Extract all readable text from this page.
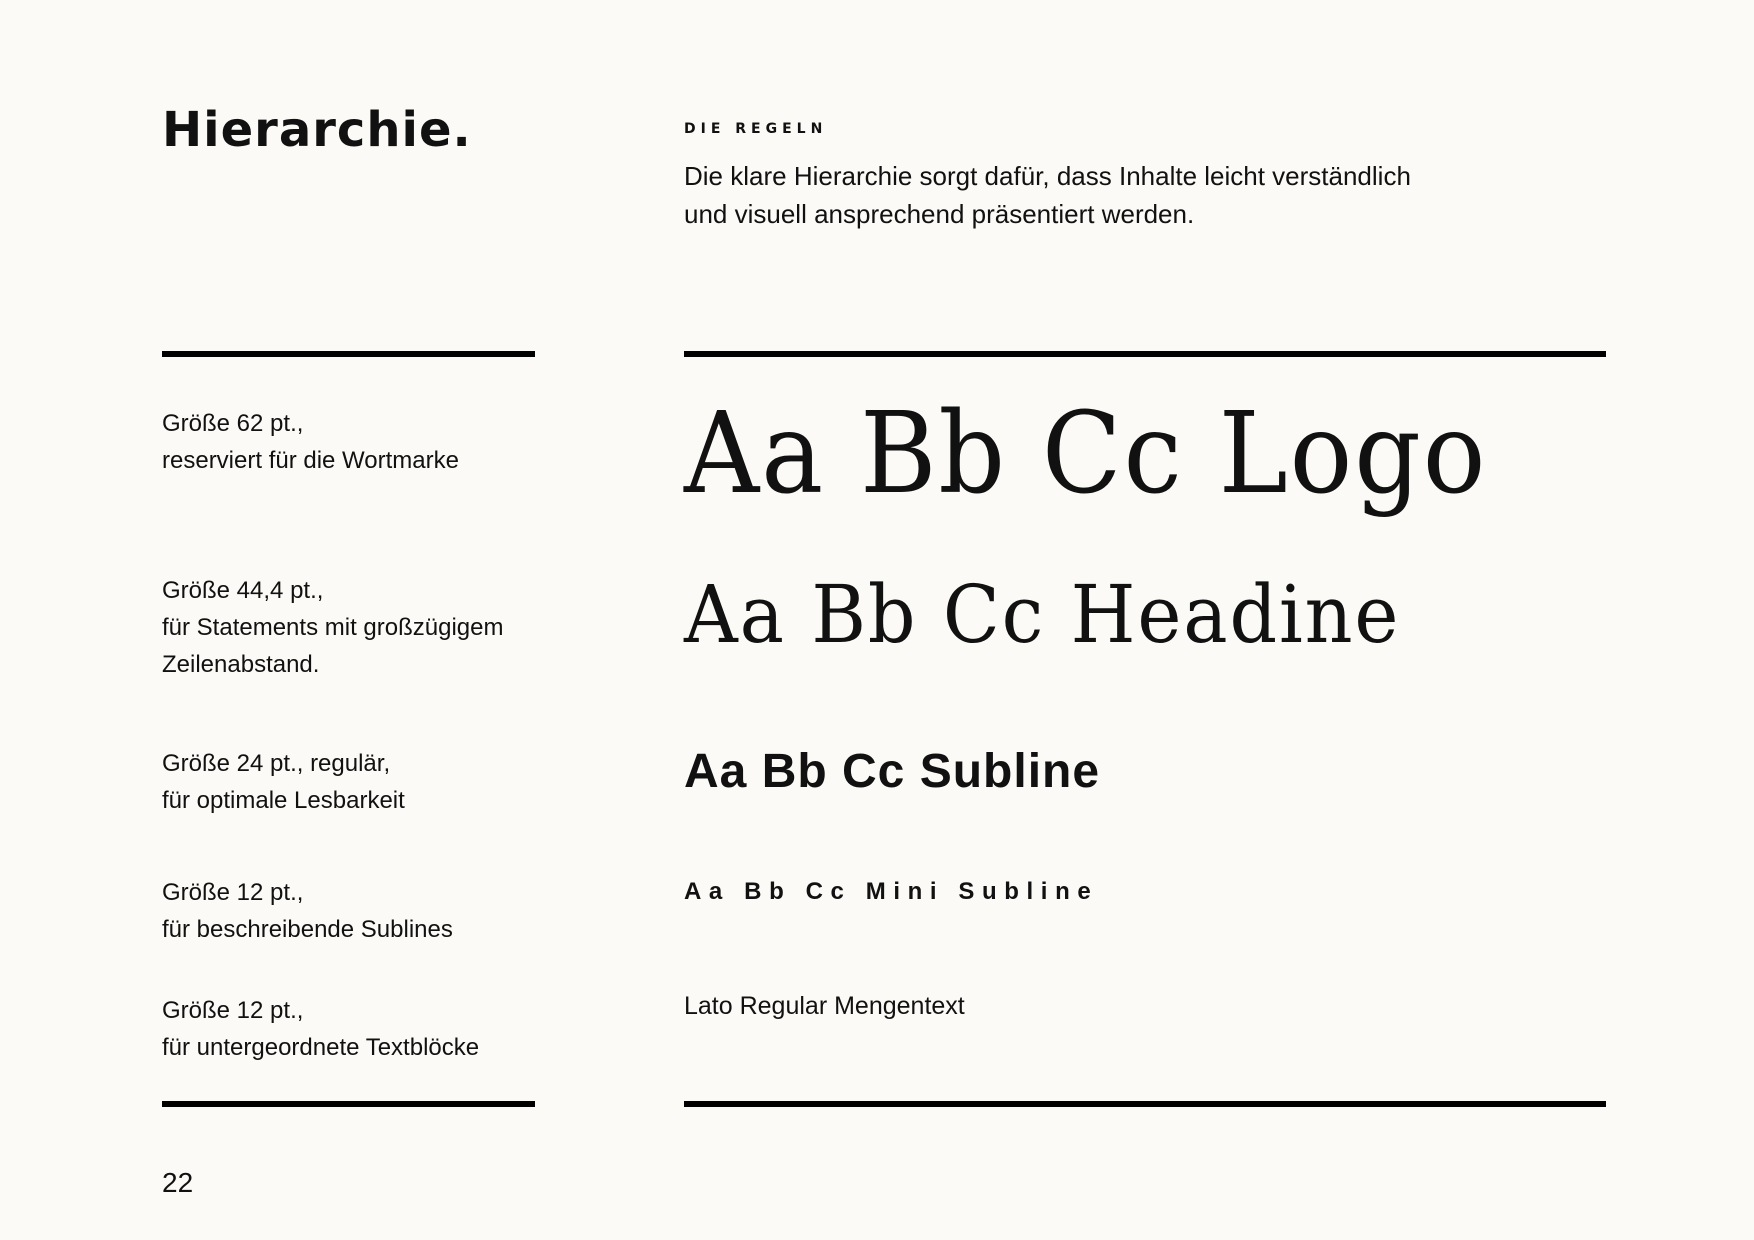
Hierarchie.	DIE REGELN
Die klare Hierarchie sorgt dafür, dass Inhalte leicht verständlich
und visuell ansprechend präsentiert werden.
Größe 62 pt.,
reserviert für die Wortmarke
Größe 44,4 pt.,
für Statements mit großzügigem
Zeilenabstand.
Größe 24 pt., regulär,
für optimale Lesbarkeit
Größe 12 pt.,
für beschreibende Sublines
Größe 12 pt.,
für untergeordnete Textblöcke
Aa Bb Cc Logo
Aa Bb Cc Headine
Aa Bb Cc Subline
Aa Bb Cc Mini Subline
Lato Regular Mengentext
22
